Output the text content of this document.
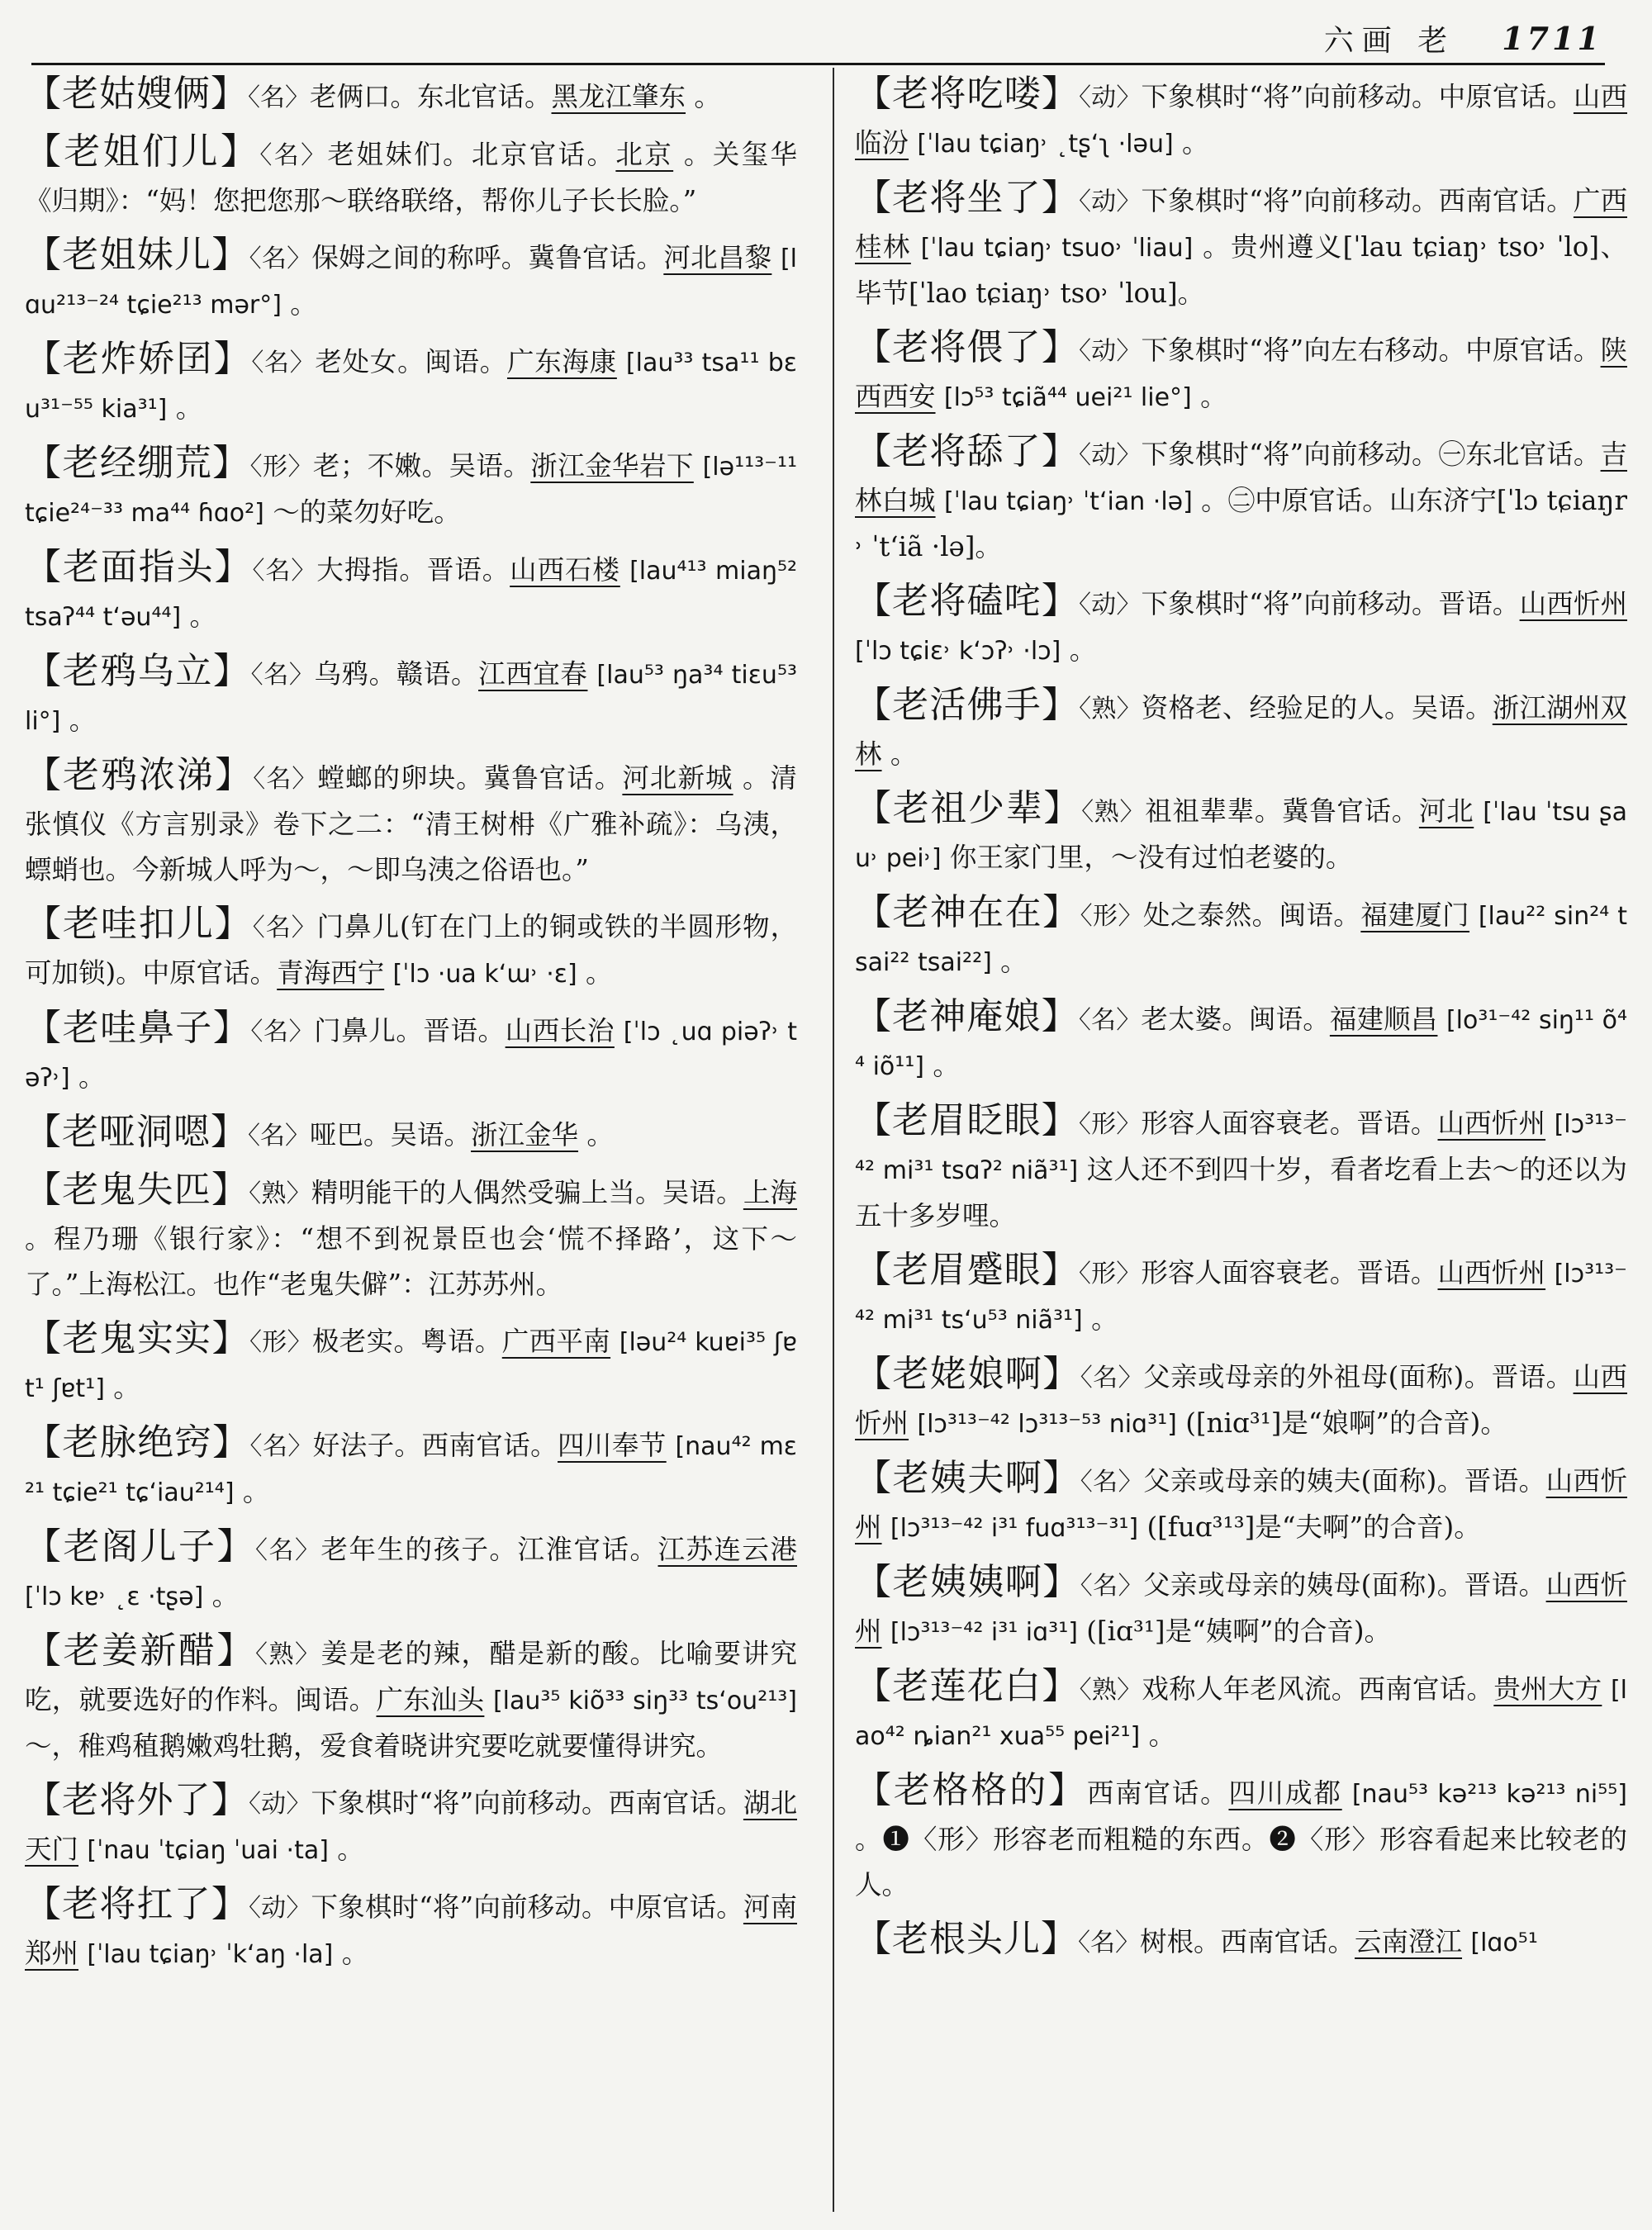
六画 老 1711
【 老姑嫂俩 】 〈 名 〉 老俩口。东北官话。黑龙江肇东 。
【 老姐们儿 】 〈 名 〉 老姐妹们。北京官话。北京 。关玺华《归期》：“妈！您把您那～联络联络，帮你儿子长长脸。”
【 老姐妹儿 】 〈 名 〉 保姆之间的称呼。冀鲁官话。河北昌黎 [lɑu²¹³⁻²⁴ tɕie²¹³ mər°] 。
【 老炸娇囝 】 〈 名 〉 老处女。闽语。广东海康 [lau³³ tsa¹¹ bɛu³¹⁻⁵⁵ kia³¹] 。
【 老经绷荒 】 〈 形 〉 老；不嫩。吴语。浙江金华岩下 [lə¹¹³⁻¹¹ tɕie²⁴⁻³³ ma⁴⁴ ɦɑo²] ～的菜勿好吃。
【 老面指头 】 〈 名 〉 大拇指。晋语。山西石楼 [lau⁴¹³ miaŋ⁵² tsaʔ⁴⁴ t‘əu⁴⁴] 。
【 老鸦乌立 】 〈 名 〉 乌鸦。赣语。江西宜春 [lau⁵³ ŋa³⁴ tiɛu⁵³ li°] 。
【 老鸦浓涕 】 〈 名 〉 螳螂的卵块。冀鲁官话。河北新城 。清张慎仪《方言别录》卷下之二：“清王树枏《广雅补疏》：乌洟，螵蛸也。今新城人呼为～，～即乌洟之俗语也。”
【 老哇扣儿 】 〈 名 〉 门鼻儿(钉在门上的铜或铁的半圆形物，可加锁)。中原官话。青海西宁 [ˈlɔ ·ua k‘ɯ˒ ·ɛ] 。
【 老哇鼻子 】 〈 名 〉 门鼻儿。晋语。山西长治 [ˈlɔ ˛uɑ piəʔ˒ təʔ˒] 。
【 老哑洞嗯 】 〈 名 〉 哑巴。吴语。浙江金华 。
【 老鬼失匹 】 〈 熟 〉 精明能干的人偶然受骗上当。吴语。上海 。程乃珊《银行家》：“想不到祝景臣也会‘慌不择路’，这下～了。”上海松江。也作“老鬼失僻”：江苏苏州。
【 老鬼实实 】 〈 形 〉 极老实。粤语。广西平南 [ləu²⁴ kuɐi³⁵ ʃɐt¹ ʃɐt¹] 。
【 老脉绝窍 】 〈 名 〉 好法子。西南官话。四川奉节 [nau⁴² mɛ²¹ tɕie²¹ tɕ‘iau²¹⁴] 。
【 老阁儿子 】 〈 名 〉 老年生的孩子。江淮官话。江苏连云港 [ˈlɔ kɐ˒ ˛ɛ ·tʂə] 。
【 老姜新醋 】 〈 熟 〉 姜是老的辣，醋是新的酸。比喻要讲究吃，就要选好的作料。闽语。广东汕头 [lau³⁵ kiõ³³ siŋ³³ ts‘ou²¹³] ～，稚鸡稙鹅嫩鸡牡鹅，爱食着晓讲究要吃就要懂得讲究。
【 老将外了 】 〈 动 〉 下象棋时“将”向前移动。西南官话。湖北天门 [ˈnau ˈtɕiaŋ ˈuai ·ta] 。
【 老将扛了 】 〈 动 〉 下象棋时“将”向前移动。中原官话。河南郑州 [ˈlau tɕiaŋ˒ ˈk‘aŋ ·la] 。
【 老将吃喽 】 〈 动 〉 下象棋时“将”向前移动。中原官话。山西临汾 [ˈlau tɕiaŋ˒ ˛tʂ‘ʅ ·ləu] 。
【 老将坐了 】 〈 动 〉 下象棋时“将”向前移动。西南官话。广西桂林 [ˈlau tɕiaŋ˒ tsuo˒ ˈliau] 。贵州遵义[ˈlau tɕiaŋ˒ tso˒ ˈlo]、毕节[ˈlao tɕiaŋ˒ tso˒ ˈlou]。
【 老将偎了 】 〈 动 〉 下象棋时“将”向左右移动。中原官话。陕西西安 [lɔ⁵³ tɕiã⁴⁴ uei²¹ lie°] 。
【 老将舔了 】 〈 动 〉 下象棋时“将”向前移动。㊀东北官话。吉林白城 [ˈlau tɕiaŋ˒ ˈt‘ian ·lə] 。㊁中原官话。山东济宁[ˈlɔ tɕiaŋr˒ ˈt‘iã ·lə]。
【 老将磕咤 】 〈 动 〉 下象棋时“将”向前移动。晋语。山西忻州 [ˈlɔ tɕiɛ˒ k‘ɔʔ˒ ·lɔ] 。
【 老活佛手 】 〈 熟 〉 资格老、经验足的人。吴语。浙江湖州双林 。
【 老祖少辈 】 〈 熟 〉 祖祖辈辈。冀鲁官话。河北 [ˈlau ˈtsu ʂau˒ pei˒] 你王家门里，～没有过怕老婆的。
【 老神在在 】 〈 形 〉 处之泰然。闽语。福建厦门 [lau²² sin²⁴ tsai²² tsai²²] 。
【 老神庵娘 】 〈 名 〉 老太婆。闽语。福建顺昌 [lo³¹⁻⁴² siŋ¹¹ õ⁴⁴ iõ¹¹] 。
【 老眉眨眼 】 〈 形 〉 形容人面容衰老。晋语。山西忻州 [lɔ³¹³⁻⁴² mi³¹ tsɑʔ² niã³¹] 这人还不到四十岁，看者圪看上去～的还以为五十多岁哩。
【 老眉蹙眼 】 〈 形 〉 形容人面容衰老。晋语。山西忻州 [lɔ³¹³⁻⁴² mi³¹ ts‘u⁵³ niã³¹] 。
【 老姥娘啊 】 〈 名 〉 父亲或母亲的外祖母(面称)。晋语。山西忻州 [lɔ³¹³⁻⁴² lɔ³¹³⁻⁵³ niɑ³¹] ([niɑ³¹]是“娘啊”的合音)。
【 老姨夫啊 】 〈 名 〉 父亲或母亲的姨夫(面称)。晋语。山西忻州 [lɔ³¹³⁻⁴² i³¹ fuɑ³¹³⁻³¹] ([fuɑ³¹³]是“夫啊”的合音)。
【 老姨姨啊 】 〈 名 〉 父亲或母亲的姨母(面称)。晋语。山西忻州 [lɔ³¹³⁻⁴² i³¹ iɑ³¹] ([iɑ³¹]是“姨啊”的合音)。
【 老莲花白 】 〈 熟 〉 戏称人年老风流。西南官话。贵州大方 [lao⁴² ȵian²¹ xua⁵⁵ pei²¹] 。
【 老格格的 】 西南官话。四川成都 [nau⁵³ kə²¹³ kə²¹³ ni⁵⁵] 。❶〈形〉形容老而粗糙的东西。❷〈形〉形容看起来比较老的人。
【 老根头儿 】 〈 名 〉 树根。西南官话。云南澄江 [lɑo⁵¹
